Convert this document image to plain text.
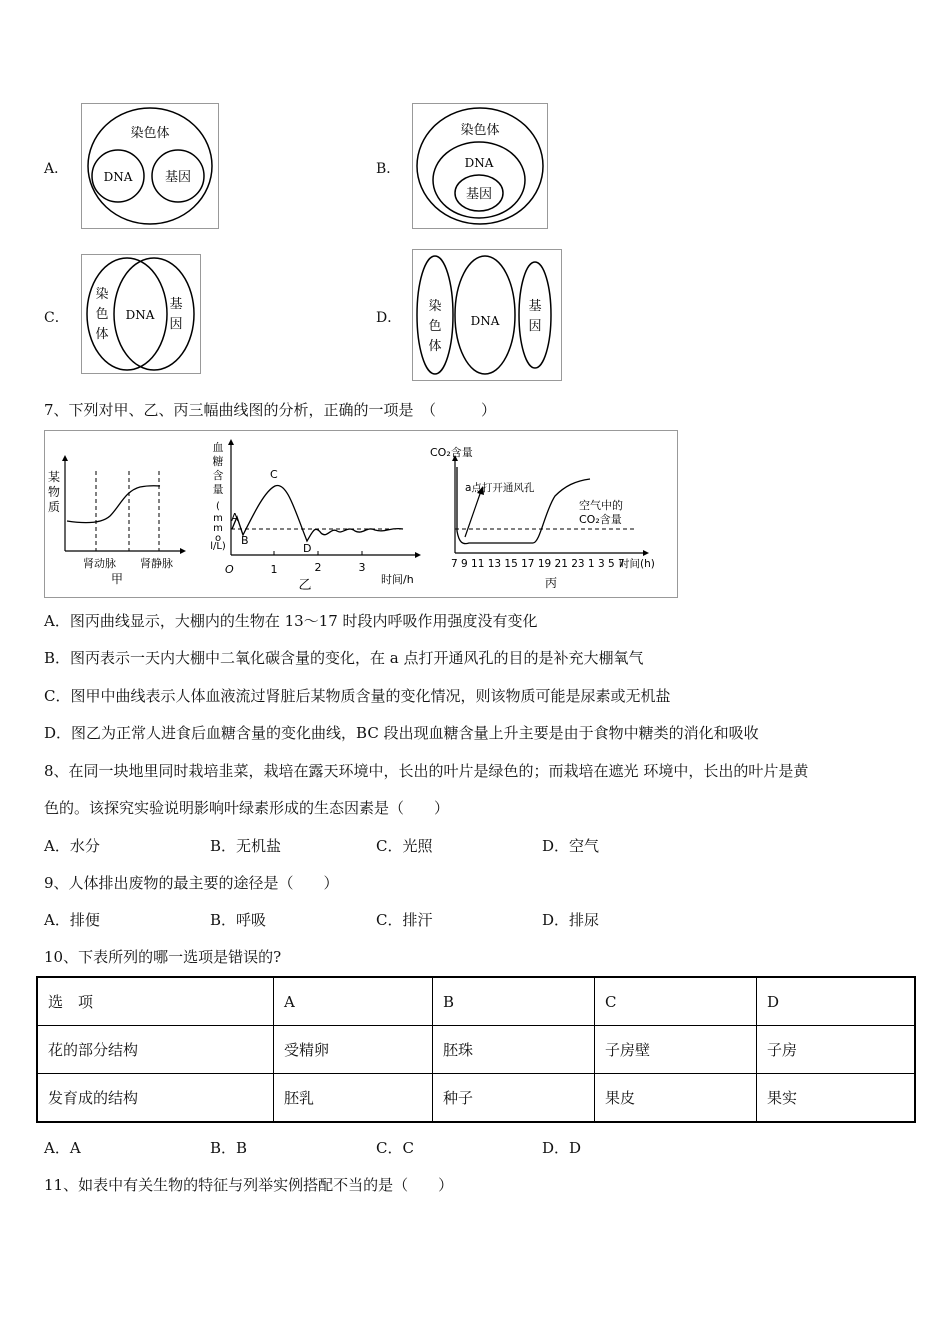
A．
染色体
DNA	基因
B．
染色体
DNA
基因
C．
染
色
体
DNA
基
因	D．
染
色
体
DNA
基
因
7、下列对甲、乙、丙三幅曲线图的分析，正确的一项是　（　　　）
某
物
质
肾动脉 肾静脉
甲
血
糖
含
量
(
m
m
o
l/L)
A
B
C
D
O	1	2	3
时间/h
乙
CO₂含量
a点打开通风孔
空气中的
CO₂含量
7 9 11 13 15 17 19 21 23 1 3 5 7
时间(h)
丙
A．图丙曲线显示，大棚内的生物在 13～17 时段内呼吸作用强度没有变化
B．图丙表示一天内大棚中二氧化碳含量的变化，在 a 点打开通风孔的目的是补充大棚氧气
C．图甲中曲线表示人体血液流过肾脏后某物质含量的变化情况，则该物质可能是尿素或无机盐
D．图乙为正常人进食后血糖含量的变化曲线，BC 段出现血糖含量上升主要是由于食物中糖类的消化和吸收
8、在同一块地里同时栽培韭菜，栽培在露天环境中，长出的叶片是绿色的；而栽培在遮光 环境中，长出的叶片是黄
色的。该探究实验说明影响叶绿素形成的生态因素是（　　）
A．水分	B．无机盐	C．光照	D．空气
9、人体排出废物的最主要的途径是（　　）
A．排便	B．呼吸	C．排汗	D．排尿
10、下表所列的哪一选项是错误的?
选　项	A	B	C	D
花的部分结构	受精卵	胚珠	子房壁	子房
发育成的结构	胚乳	种子	果皮	果实
A．A	B．B	C．C	D．D
11、如表中有关生物的特征与列举实例搭配不当的是（　　）
